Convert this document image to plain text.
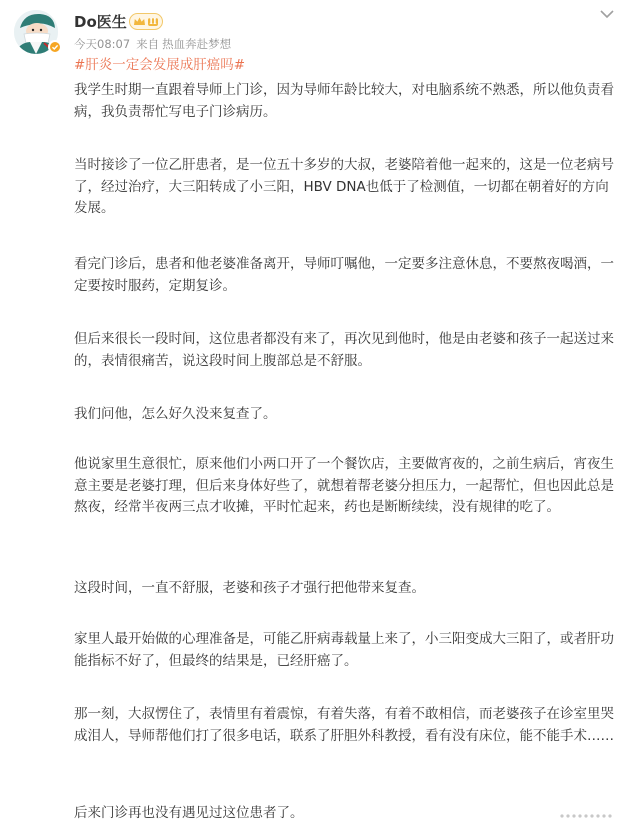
Do医生	II
今天08:07 来自 热血奔赴梦想
#肝炎一定会发展成肝癌吗#

我学生时期一直跟着导师上门诊，因为导师年龄比较大，对电脑系统不熟悉，所以他负责看病，我负责帮忙写电子门诊病历。

当时接诊了一位乙肝患者，是一位五十多岁的大叔，老婆陪着他一起来的，这是一位老病号了，经过治疗，大三阳转成了小三阳，HBV DNA也低于了检测值，一切都在朝着好的方向发展。

看完门诊后，患者和他老婆准备离开，导师叮嘱他，一定要多注意休息，不要熬夜喝酒，一定要按时服药，定期复诊。

但后来很长一段时间，这位患者都没有来了，再次见到他时，他是由老婆和孩子一起送过来的，表情很痛苦，说这段时间上腹部总是不舒服。

我们问他，怎么好久没来复查了。

他说家里生意很忙，原来他们小两口开了一个餐饮店，主要做宵夜的，之前生病后，宵夜生意主要是老婆打理，但后来身体好些了，就想着帮老婆分担压力，一起帮忙，但也因此总是熬夜，经常半夜两三点才收摊，平时忙起来，药也是断断续续，没有规律的吃了。

这段时间，一直不舒服，老婆和孩子才强行把他带来复查。

家里人最开始做的心理准备是，可能乙肝病毒载量上来了，小三阳变成大三阳了，或者肝功能指标不好了，但最终的结果是，已经肝癌了。

那一刻，大叔愣住了，表情里有着震惊，有着失落，有着不敢相信，而老婆孩子在诊室里哭成泪人，导师帮他们打了很多电话，联系了肝胆外科教授，看有没有床位，能不能手术……

后来门诊再也没有遇见过这位患者了。
